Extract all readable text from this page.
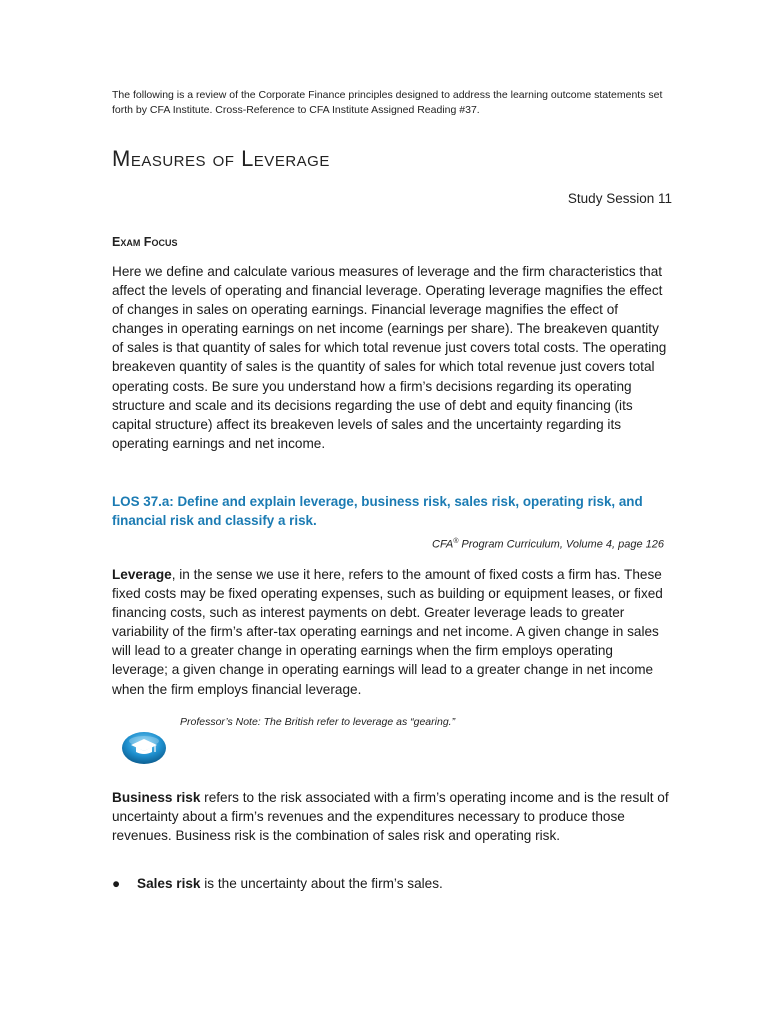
The following is a review of the Corporate Finance principles designed to address the learning outcome statements set forth by CFA Institute. Cross-Reference to CFA Institute Assigned Reading #37.
Measures of Leverage
Study Session 11
Exam Focus

Here we define and calculate various measures of leverage and the firm characteristics that affect the levels of operating and financial leverage. Operating leverage magnifies the effect of changes in sales on operating earnings. Financial leverage magnifies the effect of changes in operating earnings on net income (earnings per share). The breakeven quantity of sales is that quantity of sales for which total revenue just covers total costs. The operating breakeven quantity of sales is the quantity of sales for which total revenue just covers total operating costs. Be sure you understand how a firm’s decisions regarding its operating structure and scale and its decisions regarding the use of debt and equity financing (its capital structure) affect its breakeven levels of sales and the uncertainty regarding its operating earnings and net income.

LOS 37.a: Define and explain leverage, business risk, sales risk, operating risk, and financial risk and classify a risk.
CFA® Program Curriculum, Volume 4, page 126

Leverage, in the sense we use it here, refers to the amount of fixed costs a firm has. These fixed costs may be fixed operating expenses, such as building or equipment leases, or fixed financing costs, such as interest payments on debt. Greater leverage leads to greater variability of the firm’s after-tax operating earnings and net income. A given change in sales will lead to a greater change in operating earnings when the firm employs operating leverage; a given change in operating earnings will lead to a greater change in net income when the firm employs financial leverage.

Professor’s Note: The British refer to leverage as “gearing.”

Business risk refers to the risk associated with a firm’s operating income and is the result of uncertainty about a firm’s revenues and the expenditures necessary to produce those revenues. Business risk is the combination of sales risk and operating risk.

●	Sales risk is the uncertainty about the firm’s sales.
